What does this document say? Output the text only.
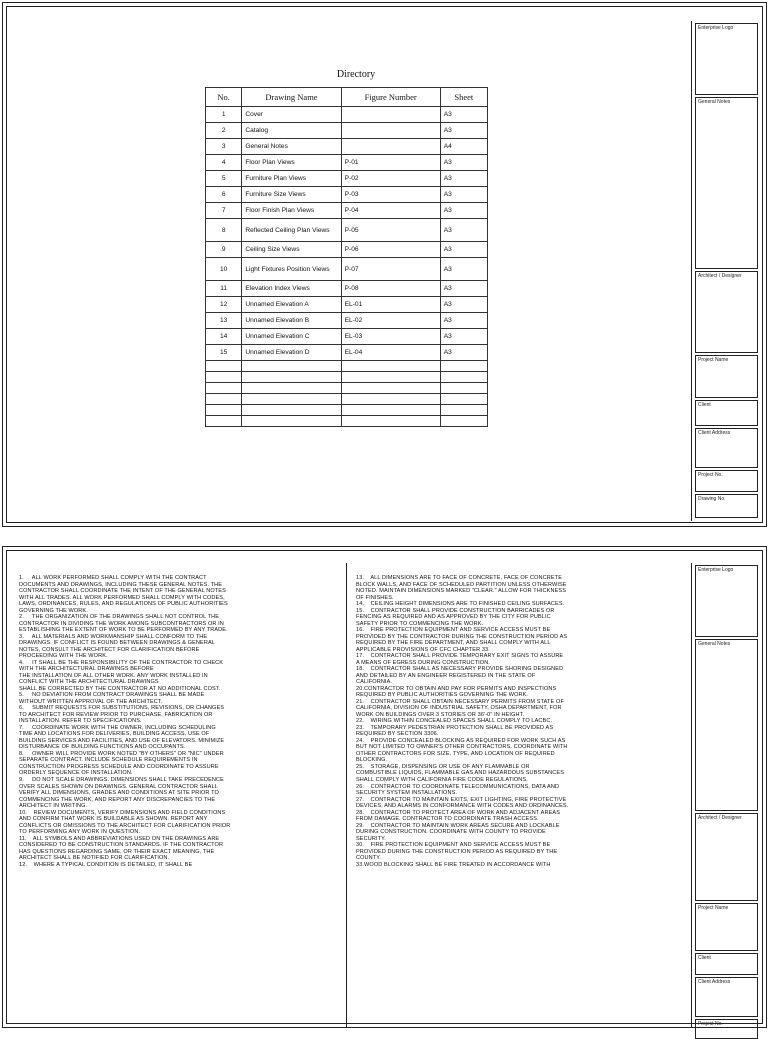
Directory
No.	Drawing Name	Figure Number	Sheet
1	Cover		A3
2	Catalog		A3
3	General Notes		A4
4	Floor Plan Views	P-01	A3
5	Furniture Plan Views	P-02	A3
6	Furniture Size Views	P-03	A3
7	Floor Finish Plan Views	P-04	A3
8	Reflected Ceiling Plan Views	P-05	A3
9	Ceiling Size Views	P-06	A3
10	Light Fixtures Position Views	P-07	A3
11	Elevation Index Views	P-08	A3
12	Unnamed Elevation A	EL-01	A3
13	Unnamed Elevation B	EL-02	A3
14	Unnamed Elevation C	EL-03	A3
15	Unnamed Elevation D	EL-04	A3

Enterprise Logo
General Notes
Architect / Designer
Project Name
Client
Client Address
Project No.
Drawing No.
1.     ALL WORK PERFORMED SHALL COMPLY WITH THE CONTRACT
DOCUMENTS AND DRAWINGS, INCLUDING THESE GENERAL NOTES. THE
CONTRACTOR SHALL COORDINATE THE INTENT OF THE GENERAL NOTES
WITH ALL TRADES. ALL WORK PERFORMED SHALL COMPLY WITH CODES,
LAWS, ORDINANCES, RULES, AND REGULATIONS OF PUBLIC AUTHORITIES
GOVERNING THE WORK.
2.     THE ORGANIZATION OF THE DRAWINGS SHALL NOT CONTROL THE
CONTRACTOR IN DIVIDING THE WORK AMONG SUBCONTRACTORS OR IN
ESTABLISHING THE EXTENT OF WORK TO BE PERFORMED BY ANY TRADE.
3.     ALL MATERIALS AND WORKMANSHIP SHALL CONFORM TO THE
DRAWINGS. IF CONFLICT IS FOUND BETWEEN DRAWINGS & GENERAL
NOTES, CONSULT THE ARCHITECT FOR CLARIFICATION BEFORE
PROCEEDING WITH THE WORK.
4.     IT SHALL BE THE RESPONSIBILITY OF THE CONTRACTOR TO CHECK
WITH THE ARCHITECTURAL DRAWINGS BEFORE
THE INSTALLATION OF ALL OTHER WORK. ANY WORK INSTALLED IN
CONFLICT WITH THE ARCHITECTURAL DRAWINGS
SHALL BE CORRECTED BY THE CONTRACTOR AT NO ADDITIONAL COST.
5.     NO DEVIATION FROM CONTRACT DRAWINGS SHALL BE MADE
WITHOUT WRITTEN APPROVAL OF THE ARCHITECT.
6.     SUBMIT REQUESTS FOR SUBSTITUTIONS, REVISIONS, OR CHANGES
TO ARCHITECT FOR REVIEW PRIOR TO PURCHASE, FABRICATION OR
INSTALLATION. REFER TO SPECIFICATIONS.
7.     COORDINATE WORK WITH THE OWNER, INCLUDING SCHEDULING
TIME AND LOCATIONS FOR DELIVERIES, BUILDING ACCESS, USE OF
BUILDING SERVICES AND FACILITIES, AND USE OF ELEVATORS. MINIMIZE
DISTURBANCE OF BUILDING FUNCTIONS AND OCCUPANTS.
8.     OWNER WILL PROVIDE WORK NOTED "BY OTHERS" OR "NIC" UNDER
SEPARATE CONTRACT. INCLUDE SCHEDULE REQUIREMENTS IN
CONSTRUCTION PROGRESS SCHEDULE AND COORDINATE TO ASSURE
ORDERLY SEQUENCE OF INSTALLATION.
9.     DO NOT SCALE DRAWINGS. DIMENSIONS SHALL TAKE PRECEDENCE
OVER SCALES SHOWN ON DRAWINGS. GENERAL CONTRACTOR SHALL
VERIFY ALL DIMENSIONS, GRADES AND CONDITIONS AT SITE PRIOR TO
COMMENCING THE WORK, AND REPORT ANY DISCREPANCIES TO THE
ARCHITECT IN WRITING.
10.    REVIEW DOCUMENTS, VERIFY DIMENSIONS AND FIELD CONDITIONS
AND CONFIRM THAT WORK IS BUILDABLE AS SHOWN. REPORT ANY
CONFLICTS OR OMISSIONS TO THE ARCHITECT FOR CLARIFICATION PRIOR
TO PERFORMING ANY WORK IN QUESTION.
11.    ALL SYMBOLS AND ABBREVIATIONS USED ON THE DRAWINGS ARE
CONSIDERED TO BE CONSTRUCTION STANDARDS. IF THE CONTRACTOR
HAS QUESTIONS REGARDING SAME, OR THEIR EXACT MEANING, THE
ARCHITECT SHALL BE NOTIFIED FOR CLARIFICATION.
12.    WHERE A TYPICAL CONDITION IS DETAILED, IT SHALL BE
13.    ALL DIMENSIONS ARE TO FACE OF CONCRETE, FACE OF CONCRETE
BLOCK WALLS, AND FACE OF SCHEDULED PARTITION UNLESS OTHERWISE
NOTED. MAINTAIN DIMENSIONS MARKED "CLEAR." ALLOW FOR THICKNESS
OF FINISHES.
14.    CEILING HEIGHT DIMENSIONS ARE TO FINISHED CEILING SURFACES.
15.    CONTRACTOR SHALL PROVIDE CONSTRUCTION BARRICADES OR
FENCING AS REQUIRED AND AS APPROVED BY THE CITY FOR PUBLIC
SAFETY PRIOR TO COMMENCING THE WORK.
16.    FIRE PROTECTION EQUIPMENT AND SERVICE ACCESS MUST BE
PROVIDED BY THE CONTRACTOR DURING THE CONSTRUCTION PERIOD AS
REQUIRED BY THE FIRE DEPARTMENT, AND SHALL COMPLY WITH ALL
APPLICABLE PROVISIONS OF CFC CHAPTER 33.
17.    CONTRACTOR SHALL PROVIDE TEMPORARY EXIT SIGNS TO ASSURE
A MEANS OF EGRESS DURING CONSTRUCTION.
18.    CONTRACTOR SHALL AS NECESSARY PROVIDE SHORING DESIGNED
AND DETAILED BY AN ENGINEER REGISTERED IN THE STATE OF
CALIFORNIA.
20.CONTRACTOR TO OBTAIN AND PAY FOR PERMITS AND INSPECTIONS
REQUIRED BY PUBLIC AUTHORITIES GOVERNING THE WORK.
21.    CONTRACTOR SHALL OBTAIN NECESSARY PERMITS FROM STATE OF
CALIFORNIA, DIVISION OF INDUSTRIAL SAFETY, OSHA DEPARTMENT, FOR
WORK ON BUILDINGS OVER 3 STORIES OR 36'-0" IN HEIGHT.
22.    WIRING WITHIN CONCEALED SPACES SHALL COMPLY TO LACBC.
23.    TEMPORARY PEDESTRIAN PROTECTION SHALL BE PROVIDED AS
REQUIRED BY SECTION 3306.
24.    PROVIDE CONCEALED BLOCKING AS REQUIRED FOR WORK SUCH AS
BUT NOT LIMITED TO OWNER'S OTHER CONTRACTORS. COORDINATE WITH
OTHER CONTRACTORS FOR SIZE, TYPE, AND LOCATION OF REQUIRED
BLOCKING.
25.    STORAGE, DISPENSING OR USE OF ANY FLAMMABLE OR
COMBUSTIBLE LIQUIDS, FLAMMABLE GAS AND HAZARDOUS SUBSTANCES
SHALL COMPLY WITH CALIFORNIA FIRE CODE REGULATIONS.
26.    CONTRACTOR TO COORDINATE TELECOMMUNICATIONS, DATA AND
SECURITY SYSTEM INSTALLATIONS.
27.    CONTRACTOR TO MAINTAIN EXITS, EXIT LIGHTING, FIRE PROTECTIVE
DEVICES, AND ALARMS IN CONFORMANCE WITH CODES AND ORDINANCES.
28.    CONTRACTOR TO PROTECT AREA OF WORK AND ADJACENT AREAS
FROM DAMAGE. CONTRACTOR TO COORDINATE TRASH ACCESS.
29.    CONTRACTOR TO MAINTAIN WORK AREAS SECURE AND LOCKABLE
DURING CONSTRUCTION. COORDINATE WITH COUNTY TO PROVIDE
SECURITY.
30.    FIRE PROTECTION EQUIPMENT AND SERVICE ACCESS MUST BE
PROVIDED DURING THE CONSTRUCTION PERIOD AS REQUIRED BY THE
COUNTY.
33.WOOD BLOCKING SHALL BE FIRE TREATED IN ACCORDANCE WITH
Enterprise Logo
General Notes
Architect / Designer
Project Name
Client
Client Address
Project No.
